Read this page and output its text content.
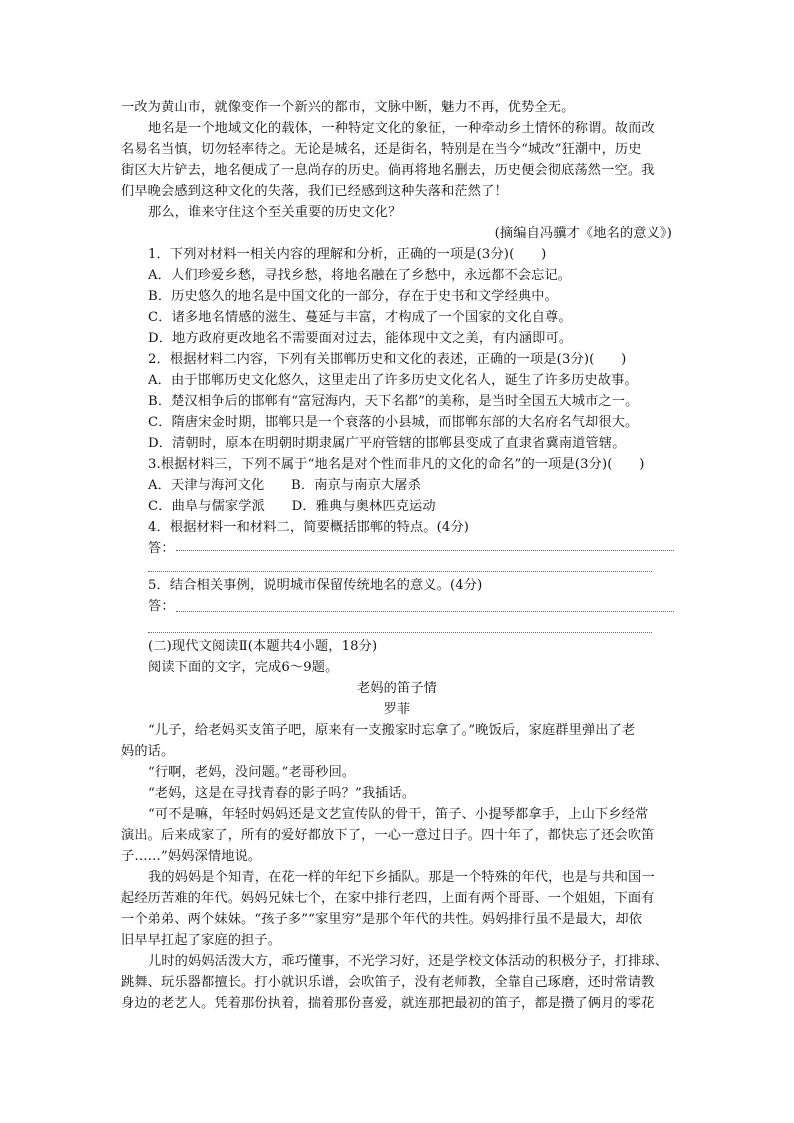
一改为黄山市，就像变作一个新兴的都市，文脉中断，魅力不再，优势全无。
地名是一个地域文化的载体，一种特定文化的象征，一种牵动乡土情怀的称谓。故而改
名易名当慎，切勿轻率待之。无论是城名，还是街名，特别是在当今“城改”狂潮中，历史
街区大片铲去，地名便成了一息尚存的历史。倘再将地名删去，历史便会彻底荡然一空。我
们早晚会感到这种文化的失落，我们已经感到这种失落和茫然了！
那么，谁来守住这个至关重要的历史文化？
(摘编自冯骥才《地名的意义》)
1．下列对材料一相关内容的理解和分析，正确的一项是(3分)(　　)
A．人们珍爱乡愁，寻找乡愁，将地名融在了乡愁中，永远都不会忘记。
B．历史悠久的地名是中国文化的一部分，存在于史书和文学经典中。
C．诸多地名情感的滋生、蔓延与丰富，才构成了一个国家的文化自尊。
D．地方政府更改地名不需要面对过去，能体现中文之美，有内涵即可。
2．根据材料二内容，下列有关邯郸历史和文化的表述，正确的一项是(3分)(　　)
A．由于邯郸历史文化悠久，这里走出了许多历史文化名人，诞生了许多历史故事。
B．楚汉相争后的邯郸有“富冠海内，天下名都”的美称，是当时全国五大城市之一。
C．隋唐宋金时期，邯郸只是一个衰落的小县城，而邯郸东部的大名府名气却很大。
D．清朝时，原本在明朝时期隶属广平府管辖的邯郸县变成了直隶省冀南道管辖。
3.根据材料三，下列不属于“地名是对个性而非凡的文化的命名”的一项是(3分)(　　)
A．天津与海河文化　　B．南京与南京大屠杀
C．曲阜与儒家学派　　D．雅典与奥林匹克运动
4．根据材料一和材料二，简要概括邯郸的特点。(4分)
答：
5．结合相关事例，说明城市保留传统地名的意义。(4分)
答：
(二)现代文阅读Ⅱ(本题共4小题，18分)
阅读下面的文字，完成6～9题。
老妈的笛子情
罗菲
“儿子，给老妈买支笛子吧，原来有一支搬家时忘拿了。”晚饭后，家庭群里弹出了老
妈的话。
“行啊，老妈，没问题。”老哥秒回。
“老妈，这是在寻找青春的影子吗？”我插话。
“可不是嘛，年轻时妈妈还是文艺宣传队的骨干，笛子、小提琴都拿手，上山下乡经常
演出。后来成家了，所有的爱好都放下了，一心一意过日子。四十年了，都快忘了还会吹笛
子……”妈妈深情地说。
我的妈妈是个知青，在花一样的年纪下乡插队。那是一个特殊的年代，也是与共和国一
起经历苦难的年代。妈妈兄妹七个，在家中排行老四，上面有两个哥哥、一个姐姐，下面有
一个弟弟、两个妹妹。“孩子多”“家里穷”是那个年代的共性。妈妈排行虽不是最大，却依
旧早早扛起了家庭的担子。
儿时的妈妈活泼大方，乖巧懂事，不光学习好，还是学校文体活动的积极分子，打排球、
跳舞、玩乐器都擅长。打小就识乐谱，会吹笛子，没有老师教，全靠自己琢磨，还时常请教
身边的老艺人。凭着那份执着，揣着那份喜爱，就连那把最初的笛子，都是攒了俩月的零花
